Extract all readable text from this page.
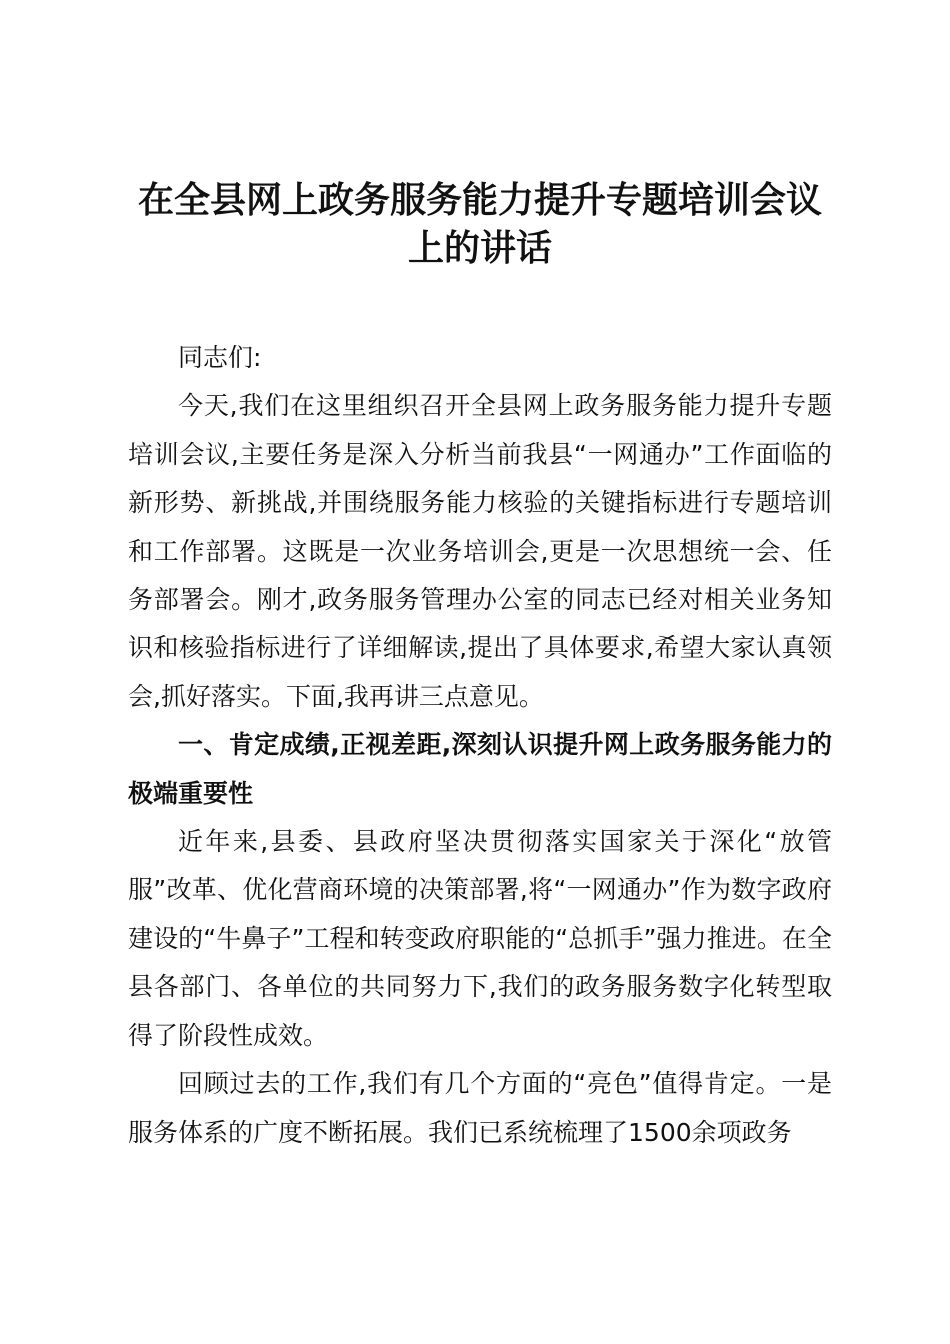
在全县网上政务服务能力提升专题培训会议上的讲话

同志们:

今天,我们在这里组织召开全县网上政务服务能力提升专题培训会议,主要任务是深入分析当前我县“一网通办”工作面临的新形势、新挑战,并围绕服务能力核验的关键指标进行专题培训和工作部署。这既是一次业务培训会,更是一次思想统一会、任务部署会。刚才,政务服务管理办公室的同志已经对相关业务知识和核验指标进行了详细解读,提出了具体要求,希望大家认真领会,抓好落实。下面,我再讲三点意见。

一、肯定成绩,正视差距,深刻认识提升网上政务服务能力的极端重要性

近年来,县委、县政府坚决贯彻落实国家关于深化“放管服”改革、优化营商环境的决策部署,将“一网通办”作为数字政府建设的“牛鼻子”工程和转变政府职能的“总抓手”强力推进。在全县各部门、各单位的共同努力下,我们的政务服务数字化转型取得了阶段性成效。

回顾过去的工作,我们有几个方面的“亮色”值得肯定。一是服务体系的广度不断拓展。我们已系统梳理了1500余项政务
